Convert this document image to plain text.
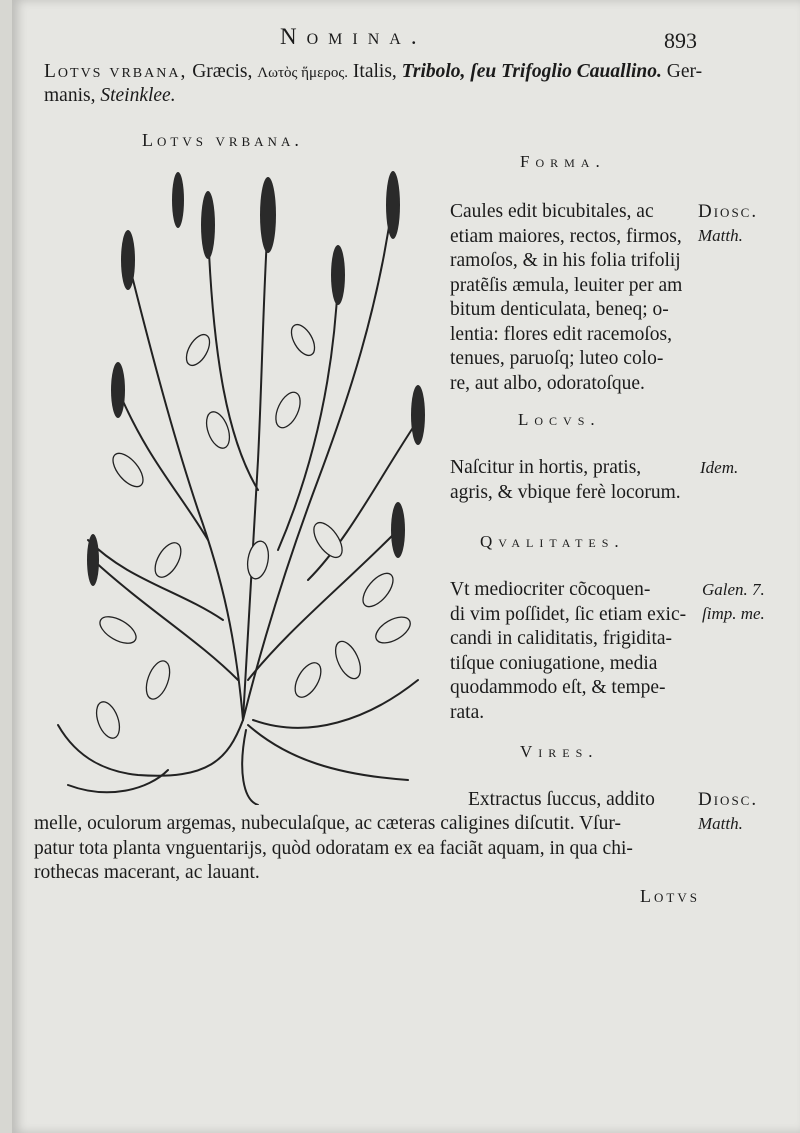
Nomina.	893
Lotvs vrbana, Græcis, Λωτὸς ἥμερος. Italis, Tribolo, ſeu Trifoglio Cauallino. Ger-
manis, Steinklee.
Lotvs vrbana.
Forma.
Caules edit bicubitales, ac
etiam maiores, rectos, firmos,
ramoſos, & in his folia trifolij
pratẽſis æmula, leuiter per am
bitum denticulata, beneq; o-
lentia: flores edit racemoſos,
tenues, paruoſq; luteo colo-
re, aut albo, odoratoſque.
Diosc.
Matth.
Locvs.
Naſcitur in hortis, pratis,
agris, & vbique ferè locorum.
Idem.
Qvalitates.
Vt mediocriter cõcoquen-
di vim poſſidet, ſic etiam exic-
candi in caliditatis, frigidita-
tiſque coniugatione, media
quodammodo eſt, & tempe-
rata.
Galen. 7.
ſimp. me.
Vires.
Extractus ſuccus, addito
melle, oculorum argemas, nubeculaſque, ac cæteras caligines diſcutit. Vſur-
patur tota planta vnguentarijs, quòd odoratam ex ea faciãt aquam, in qua chi-
rothecas macerant, ac lauant.
Diosc.
Matth.
Lotvs
